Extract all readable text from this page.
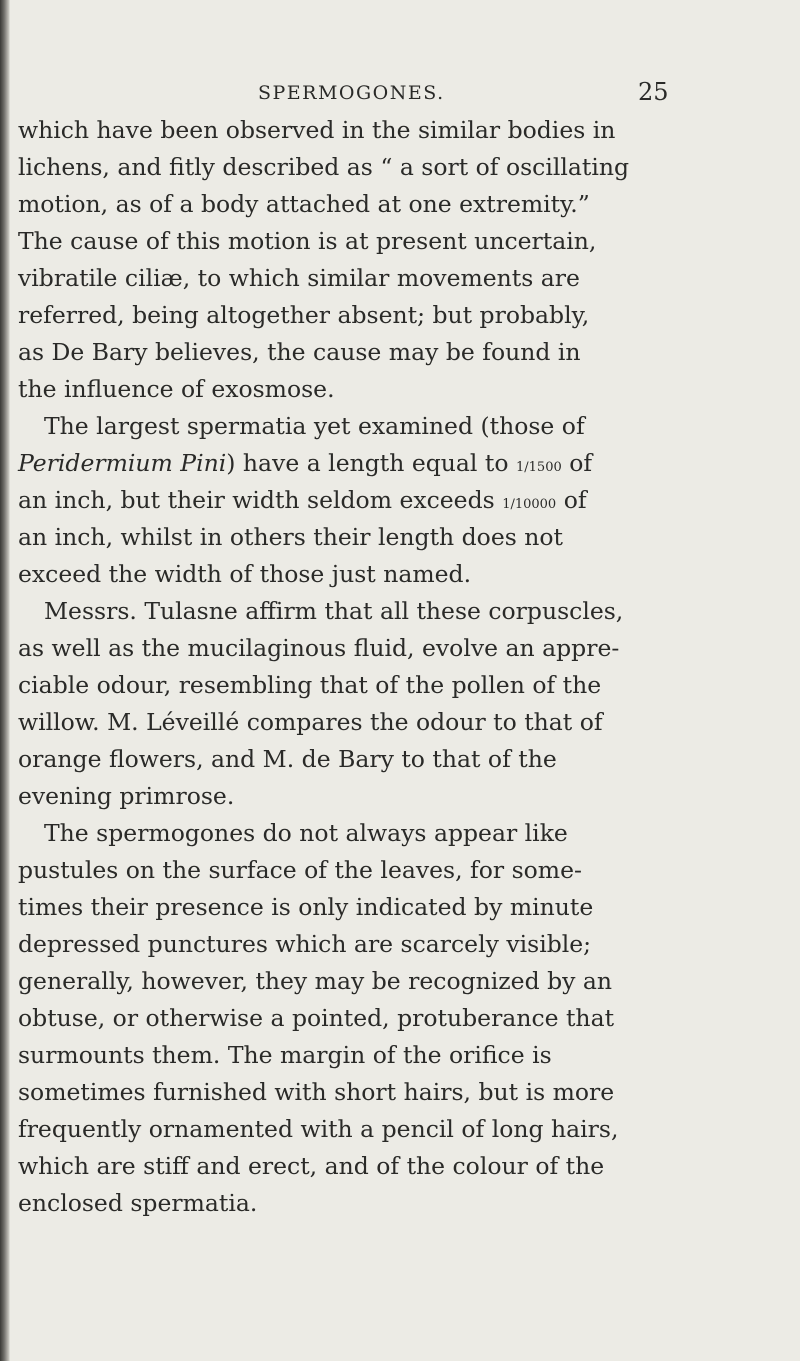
SPERMOGONES.	25
which have been observed in the similar bodies in
lichens, and fitly described as “ a sort of oscillating
motion, as of a body attached at one extremity.”
The cause of this motion is at present uncertain,
vibratile ciliæ, to which similar movements are
referred, being altogether absent; but probably,
as De Bary believes, the cause may be found in
the influence of exosmose.
The largest spermatia yet examined (those of
Peridermium Pini) have a length equal to 1/1500 of
an inch, but their width seldom exceeds 1/10000 of
an inch, whilst in others their length does not
exceed the width of those just named.
Messrs. Tulasne affirm that all these corpuscles,
as well as the mucilaginous fluid, evolve an appre-
ciable odour, resembling that of the pollen of the
willow. M. Léveillé compares the odour to that of
orange flowers, and M. de Bary to that of the
evening primrose.
The spermogones do not always appear like
pustules on the surface of the leaves, for some-
times their presence is only indicated by minute
depressed punctures which are scarcely visible;
generally, however, they may be recognized by an
obtuse, or otherwise a pointed, protuberance that
surmounts them. The margin of the orifice is
sometimes furnished with short hairs, but is more
frequently ornamented with a pencil of long hairs,
which are stiff and erect, and of the colour of the
enclosed spermatia.
